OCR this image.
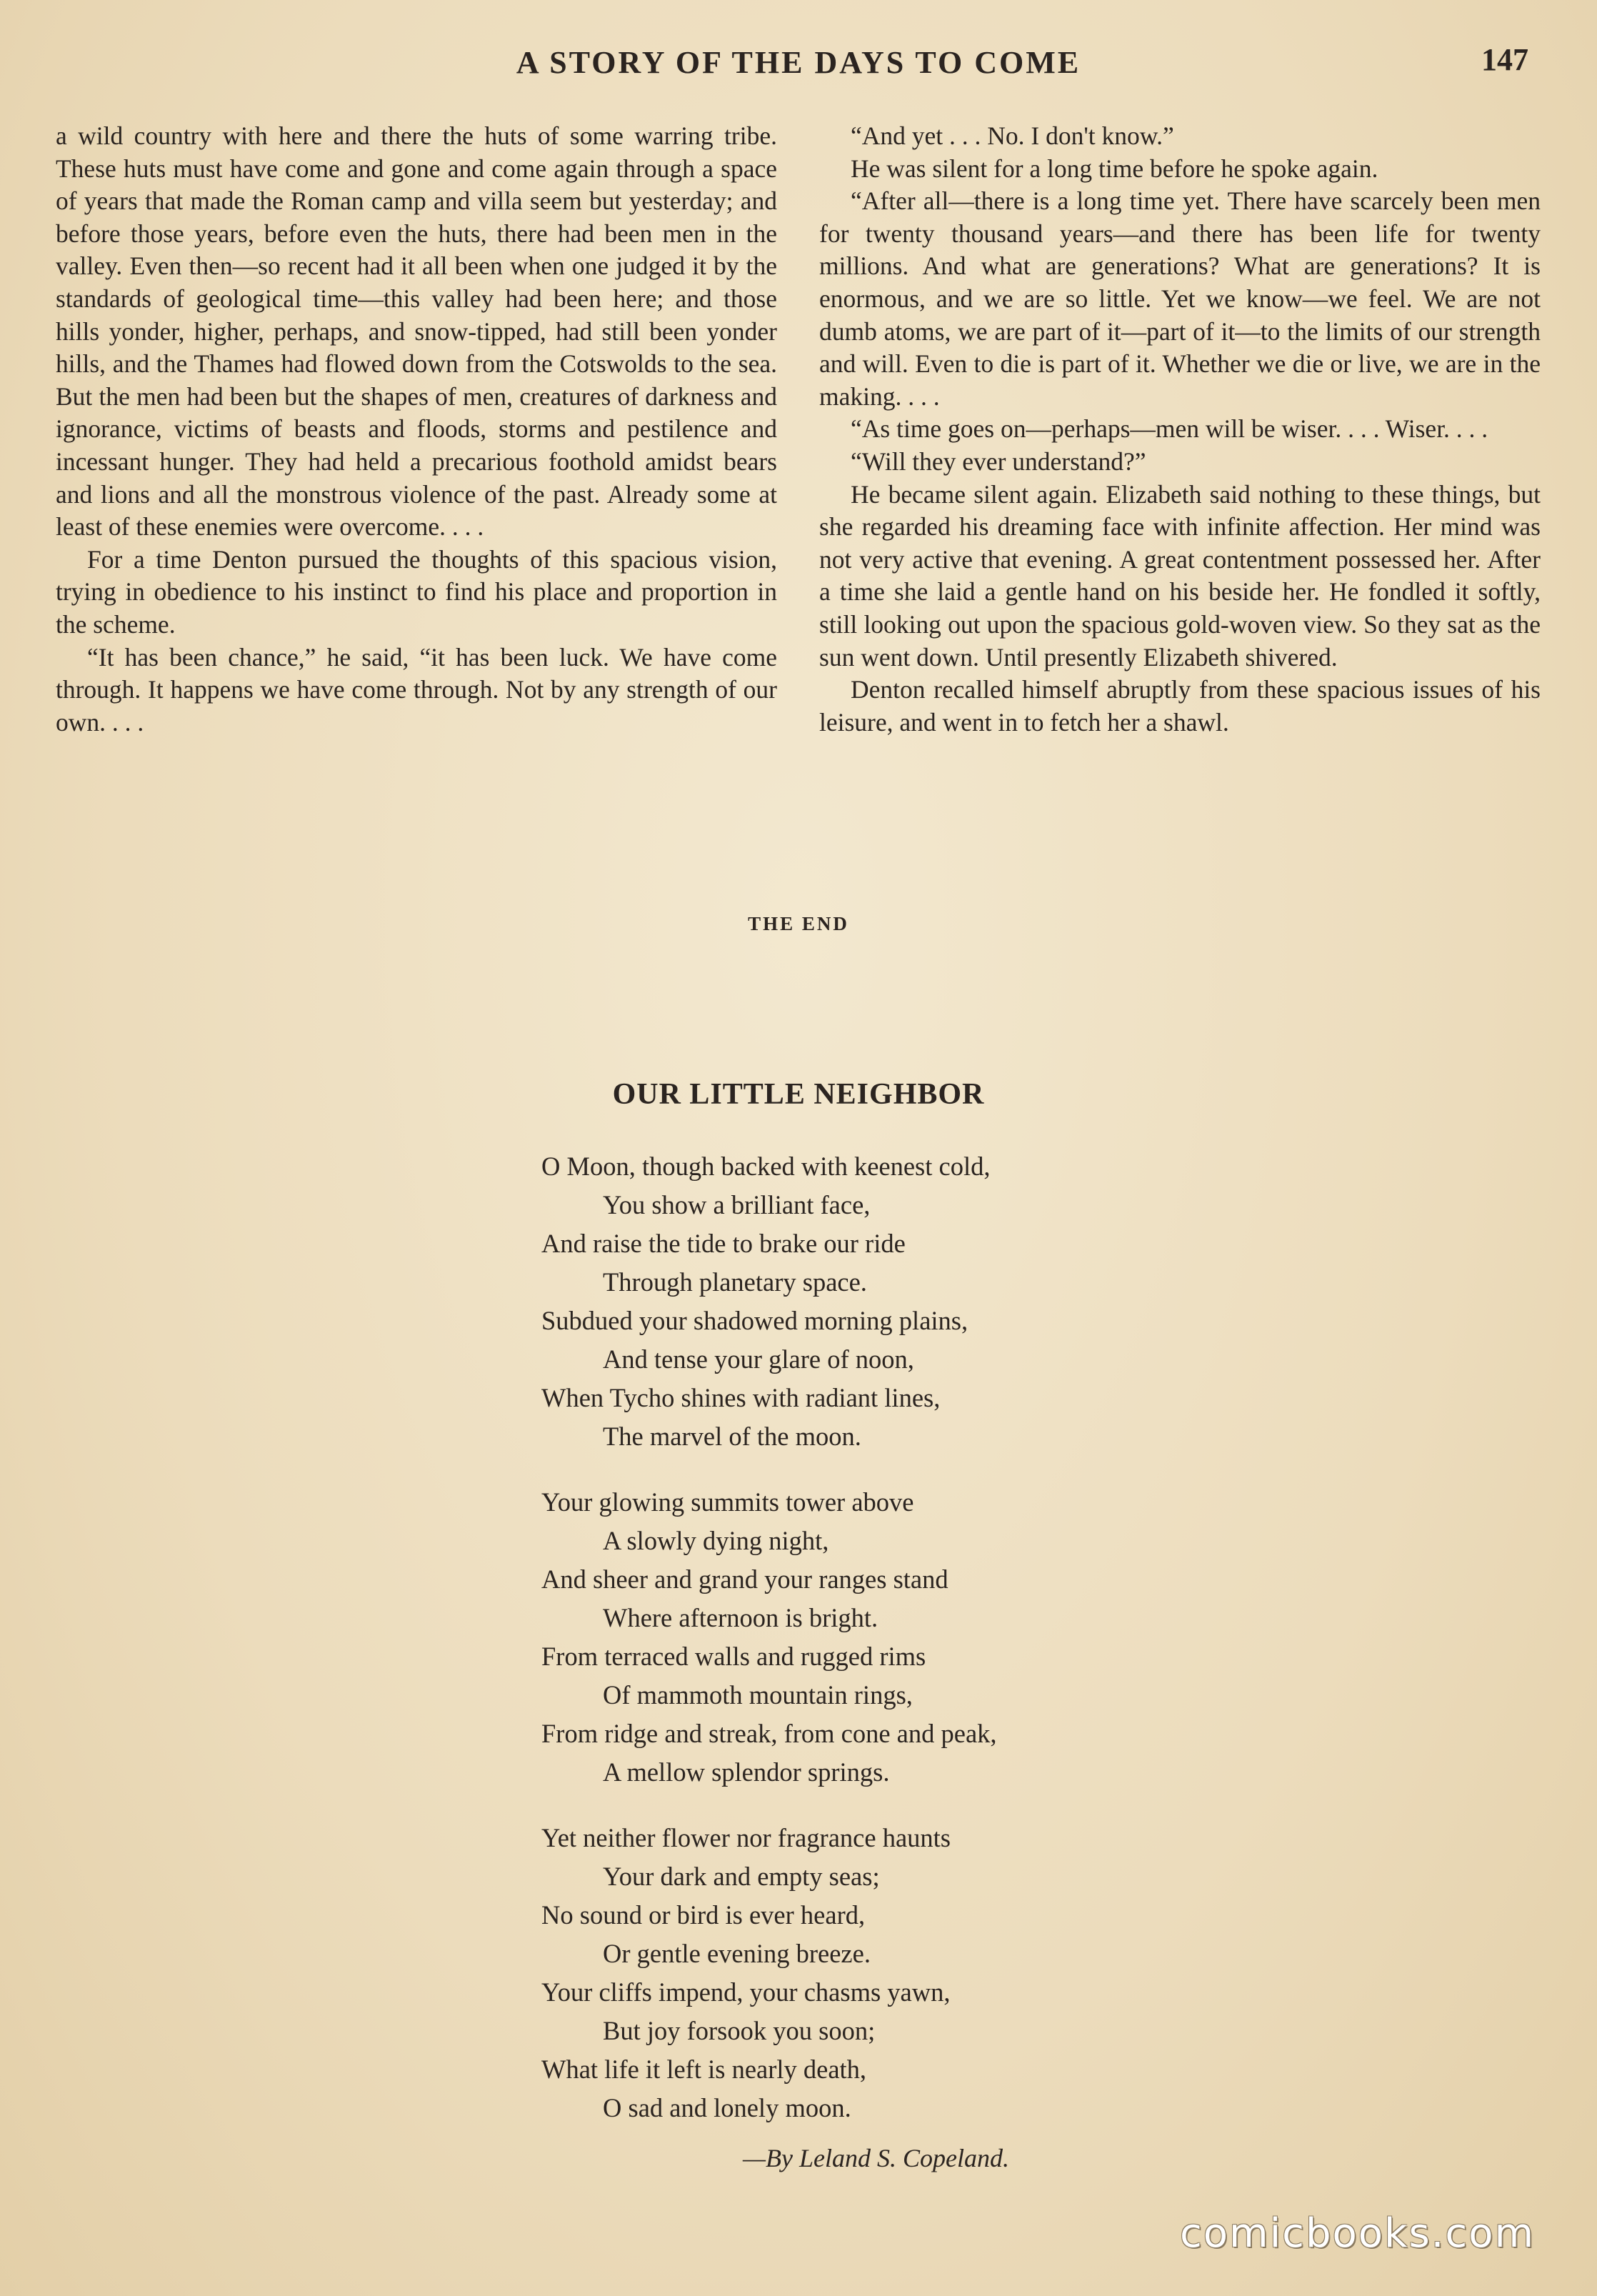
A STORY OF THE DAYS TO COME	147

a wild country with here and there the huts of some warring tribe. These huts must have come and gone and come again through a space of years that made the Roman camp and villa seem but yesterday; and before those years, before even the huts, there had been men in the valley. Even then—so recent had it all been when one judged it by the standards of geological time—this valley had been here; and those hills yonder, higher, perhaps, and snow-tipped, had still been yonder hills, and the Thames had flowed down from the Cotswolds to the sea. But the men had been but the shapes of men, creatures of darkness and ignorance, victims of beasts and floods, storms and pestilence and incessant hunger. They had held a precarious foothold amidst bears and lions and all the monstrous violence of the past. Already some at least of these enemies were overcome. . . .

For a time Denton pursued the thoughts of this spacious vision, trying in obedience to his instinct to find his place and proportion in the scheme.

“It has been chance,” he said, “it has been luck. We have come through. It happens we have come through. Not by any strength of our own. . . .

“And yet . . . No. I don't know.”

He was silent for a long time before he spoke again.

“After all—there is a long time yet. There have scarcely been men for twenty thousand years—and there has been life for twenty millions. And what are generations? What are generations? It is enormous, and we are so little. Yet we know—we feel. We are not dumb atoms, we are part of it—part of it—to the limits of our strength and will. Even to die is part of it. Whether we die or live, we are in the making. . . .

“As time goes on—perhaps—men will be wiser. . . . Wiser. . . .

“Will they ever understand?”

He became silent again. Elizabeth said nothing to these things, but she regarded his dreaming face with infinite affection. Her mind was not very active that evening. A great contentment possessed her. After a time she laid a gentle hand on his beside her. He fondled it softly, still looking out upon the spacious gold-woven view. So they sat as the sun went down. Until presently Elizabeth shivered.

Denton recalled himself abruptly from these spacious issues of his leisure, and went in to fetch her a shawl.

THE END
OUR LITTLE NEIGHBOR
O Moon, though backed with keenest cold,
You show a brilliant face,
And raise the tide to brake our ride
Through planetary space.
Subdued your shadowed morning plains,
And tense your glare of noon,
When Tycho shines with radiant lines,
The marvel of the moon.
Your glowing summits tower above
A slowly dying night,
And sheer and grand your ranges stand
Where afternoon is bright.
From terraced walls and rugged rims
Of mammoth mountain rings,
From ridge and streak, from cone and peak,
A mellow splendor springs.
Yet neither flower nor fragrance haunts
Your dark and empty seas;
No sound or bird is ever heard,
Or gentle evening breeze.
Your cliffs impend, your chasms yawn,
But joy forsook you soon;
What life it left is nearly death,
O sad and lonely moon.
—By Leland S. Copeland.
comicbooks.com
